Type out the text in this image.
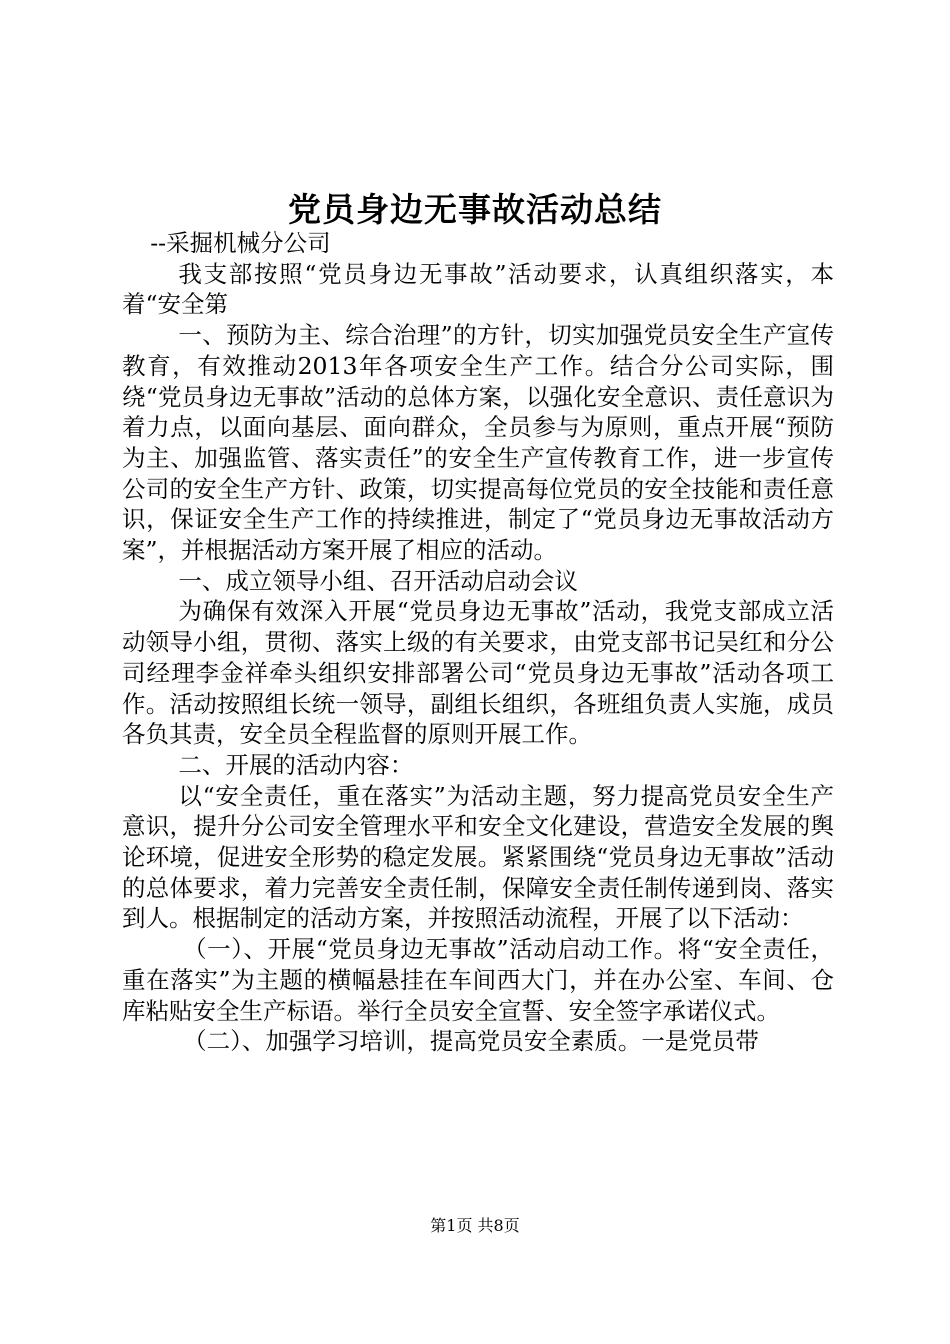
党员身边无事故活动总结

--采掘机械分公司

我支部按照“党员身边无事故”活动要求，认真组织落实，本着“安全第

一、预防为主、综合治理”的方针，切实加强党员安全生产宣传教育，有效推动2013年各项安全生产工作。结合分公司实际，围绕“党员身边无事故”活动的总体方案，以强化安全意识、责任意识为着力点，以面向基层、面向群众，全员参与为原则，重点开展“预防为主、加强监管、落实责任”的安全生产宣传教育工作，进一步宣传公司的安全生产方针、政策，切实提高每位党员的安全技能和责任意识，保证安全生产工作的持续推进，制定了“党员身边无事故活动方案”，并根据活动方案开展了相应的活动。

一、成立领导小组、召开活动启动会议

为确保有效深入开展“党员身边无事故”活动，我党支部成立活动领导小组，贯彻、落实上级的有关要求，由党支部书记吴红和分公司经理李金祥牵头组织安排部署公司“党员身边无事故”活动各项工作。活动按照组长统一领导，副组长组织，各班组负责人实施，成员各负其责，安全员全程监督的原则开展工作。

二、开展的活动内容：

以“安全责任，重在落实”为活动主题，努力提高党员安全生产意识，提升分公司安全管理水平和安全文化建设，营造安全发展的舆论环境，促进安全形势的稳定发展。紧紧围绕“党员身边无事故”活动的总体要求，着力完善安全责任制，保障安全责任制传递到岗、落实到人。根据制定的活动方案，并按照活动流程，开展了以下活动：

（一）、开展“党员身边无事故”活动启动工作。将“安全责任，重在落实”为主题的横幅悬挂在车间西大门，并在办公室、车间、仓库粘贴安全生产标语。举行全员安全宣誓、安全签字承诺仪式。

（二）、加强学习培训，提高党员安全素质。一是党员带

第1页 共8页
